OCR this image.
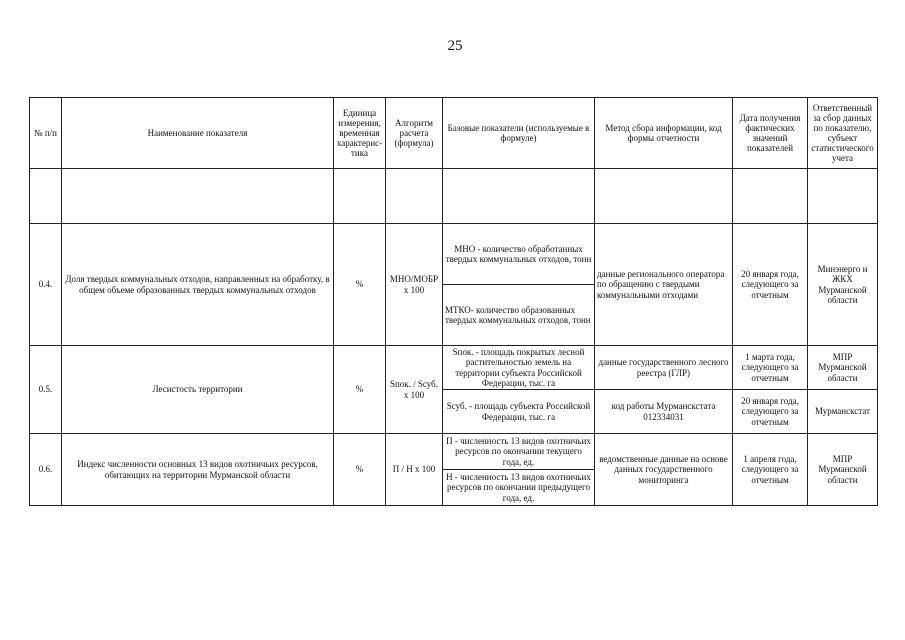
25
№ п/п	Наименование показателя	Единица измерения, временная характерис-тика	Алгоритм расчета (формула)	Базовые показатели (используемые в формуле)	Метод сбора информации, код формы отчетности	Дата получения фактических значений показателей	Ответственный за сбор данных по показателю, субъект статистического учета

0.4.	Доля твердых коммунальных отходов, направленных на обработку, в общем объеме образованных твердых коммунальных отходов	%	МНО/МОБР х 100	МНО - количество обработанных твердых коммунальных отходов, тонн	данные регионального оператора по обращению с твердыми коммунальными отходами	20 января года, следующего за отчетным	Минэнерго и ЖКХ Мурманской области
				МТКО- количество образованных твердых коммунальных отходов, тонн			
0.5.	Лесистость территории	%	Sпок. / Sсуб. х 100	Sпок. - площадь покрытых лесной растительностью земель на территории субъекта Российской Федерации, тыс. га	данные государственного лесного реестра (ГЛР)	1 марта года, следующего за отчетным	МПР Мурманской области
				Sсуб. - площадь субъекта Российской Федерации, тыс. га	код работы Мурманскстата 012334031	20 января года, следующего за отчетным	Мурманскстат
0.6.	Индекс численности основных 13 видов охотничьих ресурсов, обитающих на территории Мурманской области	%	П / Н х 100	П - численность 13 видов охотничьих ресурсов по окончании текущего года, ед.	ведомственные данные на основе данных государственного мониторинга	1 апреля года, следующего за отчетным	МПР Мурманской области
				Н - численность 13 видов охотничьих ресурсов по окончании предыдущего года, ед.			
